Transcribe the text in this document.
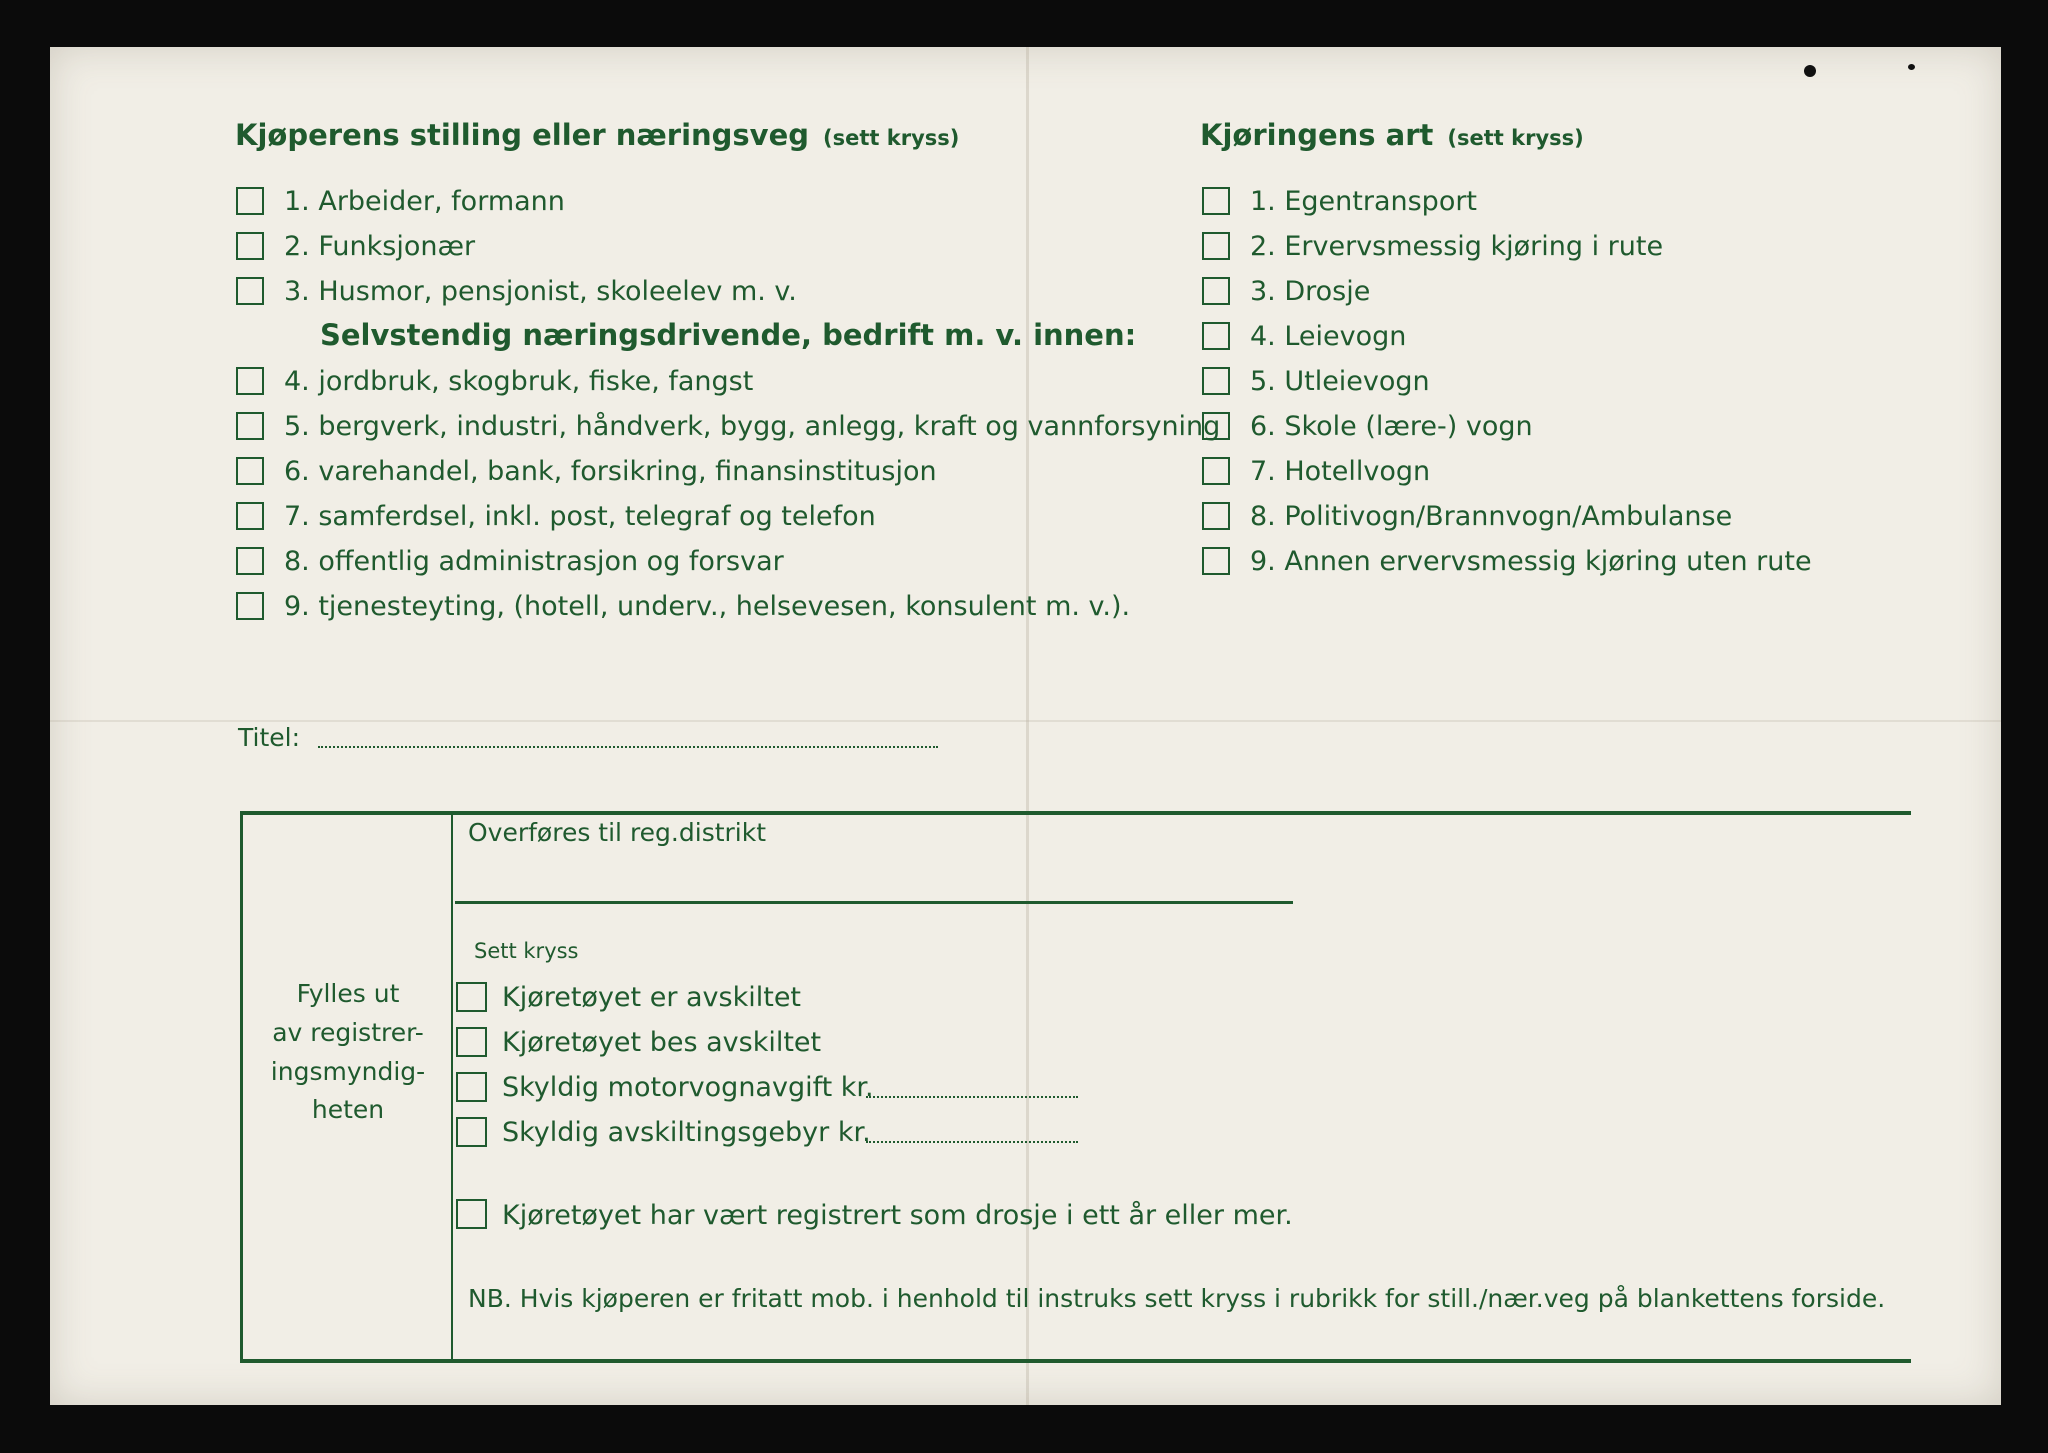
Kjøperens stilling eller næringsveg (sett kryss)
1. Arbeider, formann
2. Funksjonær
3. Husmor, pensjonist, skoleelev m. v.
Selvstendig næringsdrivende, bedrift m. v. innen:
4. jordbruk, skogbruk, fiske, fangst
5. bergverk, industri, håndverk, bygg, anlegg, kraft og vannforsyning
6. varehandel, bank, forsikring, finansinstitusjon
7. samferdsel, inkl. post, telegraf og telefon
8. offentlig administrasjon og forsvar
9. tjenesteyting, (hotell, underv., helsevesen, konsulent m. v.).
Kjøringens art (sett kryss)
1. Egentransport
2. Ervervsmessig kjøring i rute
3. Drosje
4. Leievogn
5. Utleievogn
6. Skole (lære-) vogn
7. Hotellvogn
8. Politivogn/Brannvogn/Ambulanse
9. Annen ervervsmessig kjøring uten rute
Titel:
Fylles ut
av registrer-
ingsmyndig-
heten
Overføres til reg.distrikt
Sett kryss
Kjøretøyet er avskiltet
Kjøretøyet bes avskiltet
Skyldig motorvognavgift kr.
Skyldig avskiltingsgebyr kr.
Kjøretøyet har vært registrert som drosje i ett år eller mer.
NB. Hvis kjøperen er fritatt mob. i henhold til instruks sett kryss i rubrikk for still./nær.veg på blankettens forside.
